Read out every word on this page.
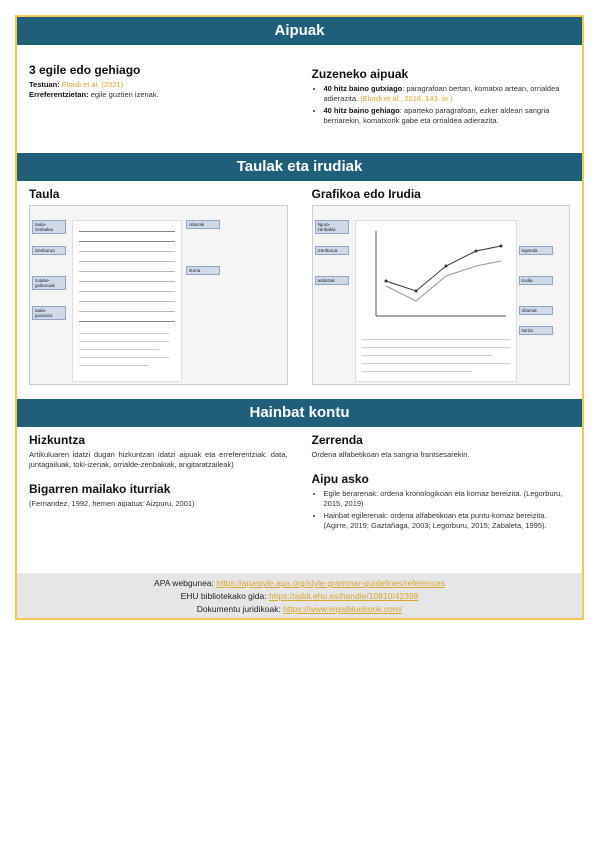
Aipuak
3 egile edo gehiago

Testuan: Elordi et al. (2021)

Erreferentzietan: egile guztien izenak.

Zuzeneko aipuak
• 40 hitz baino gutxiago: paragrafoan bertan, komatxo artean, orrialdea adierazita. (Elordi et al., 2018, 143. or.)
• 40 hitz baino gehiago: aparteko paragrafoan, ezker aldean sangria berriarekin, komatxorik gabe eta orrialdea adierazita.
Taulak eta irudiak
Taula
taula-zenbakia
izenburua
zutabe-goiburuak
taula-gorputza
oharrak
iturria
Grafikoa edo Irudia
figura-zenbakia
izenburua
ardatzak
legenda
irudia
oharrak
iturria
Hainbat kontu
Hizkuntza

Artikuluaren idatzi dugan hizkuntzan idatzi aipuak eta erreferentziak: data, juntagailuak, toki-izenak, orrialde-zenbakiak, angitaratzaileak)

Bigarren mailako iturriak

(Fernandez, 1992, hemen aipatua: Aizpuru, 2001)

Zerrenda

Ordena alfabetikoan eta sangria frantsesarekin.

Aipu asko
• Egile berarenak: ordena kronologikoan eta komaz bereizita. (Legorburu, 2015, 2019)
• Hainbat egilerenak: ordena alfabetikoan eta puntu-komaz bereizita. (Agirre, 2019; Gaztañaga, 2003; Legorburu, 2015; Zabaleta, 1995).
APA webgunea: https://apastyle.apa.org/style-grammar-guidelines/references
EHU bibliotekako gida: https://addi.ehu.es/handle/10810/42398
Dokumentu juridikoak: https://www.legalbluebook.com/
